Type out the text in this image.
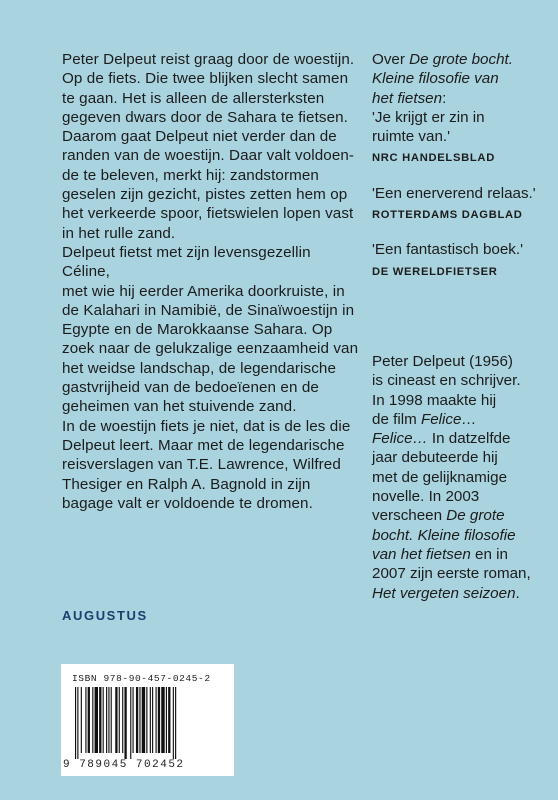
Peter Delpeut reist graag door de woestijn.
Op de fiets. Die twee blijken slecht samen
te gaan. Het is alleen de allersterksten
gegeven dwars door de Sahara te fietsen.
Daarom gaat Delpeut niet verder dan de
randen van de woestijn. Daar valt voldoen-
de te beleven, merkt hij: zandstormen
geselen zijn gezicht, pistes zetten hem op
het verkeerde spoor, fietswielen lopen vast
in het rulle zand.

Delpeut fietst met zijn levensgezellin Céline,
met wie hij eerder Amerika doorkruiste, in
de Kalahari in Namibië, de Sinaïwoestijn in
Egypte en de Marokkaanse Sahara. Op
zoek naar de gelukzalige eenzaamheid van
het weidse landschap, de legendarische
gastvrijheid van de bedoeïenen en de
geheimen van het stuivende zand.

In de woestijn fiets je niet, dat is de les die
Delpeut leert. Maar met de legendarische
reisverslagen van T.E. Lawrence, Wilfred
Thesiger en Ralph A. Bagnold in zijn
bagage valt er voldoende te dromen.

Over De grote bocht.
Kleine filosofie van
het fietsen:
'Je krijgt er zin in
ruimte van.'
NRC HANDELSBLAD
'Een enerverend relaas.'
ROTTERDAMS DAGBLAD
'Een fantastisch boek.'
DE WERELDFIETSER
Peter Delpeut (1956)
is cineast en schrijver.
In 1998 maakte hij
de film Felice…
Felice… In datzelfde
jaar debuteerde hij
met de gelijknamige
novelle. In 2003
verscheen De grote
bocht. Kleine filosofie
van het fietsen en in
2007 zijn eerste roman,
Het vergeten seizoen.
AUGUSTUS
ISBN 978-90-457-0245-2
9 789045 702452
